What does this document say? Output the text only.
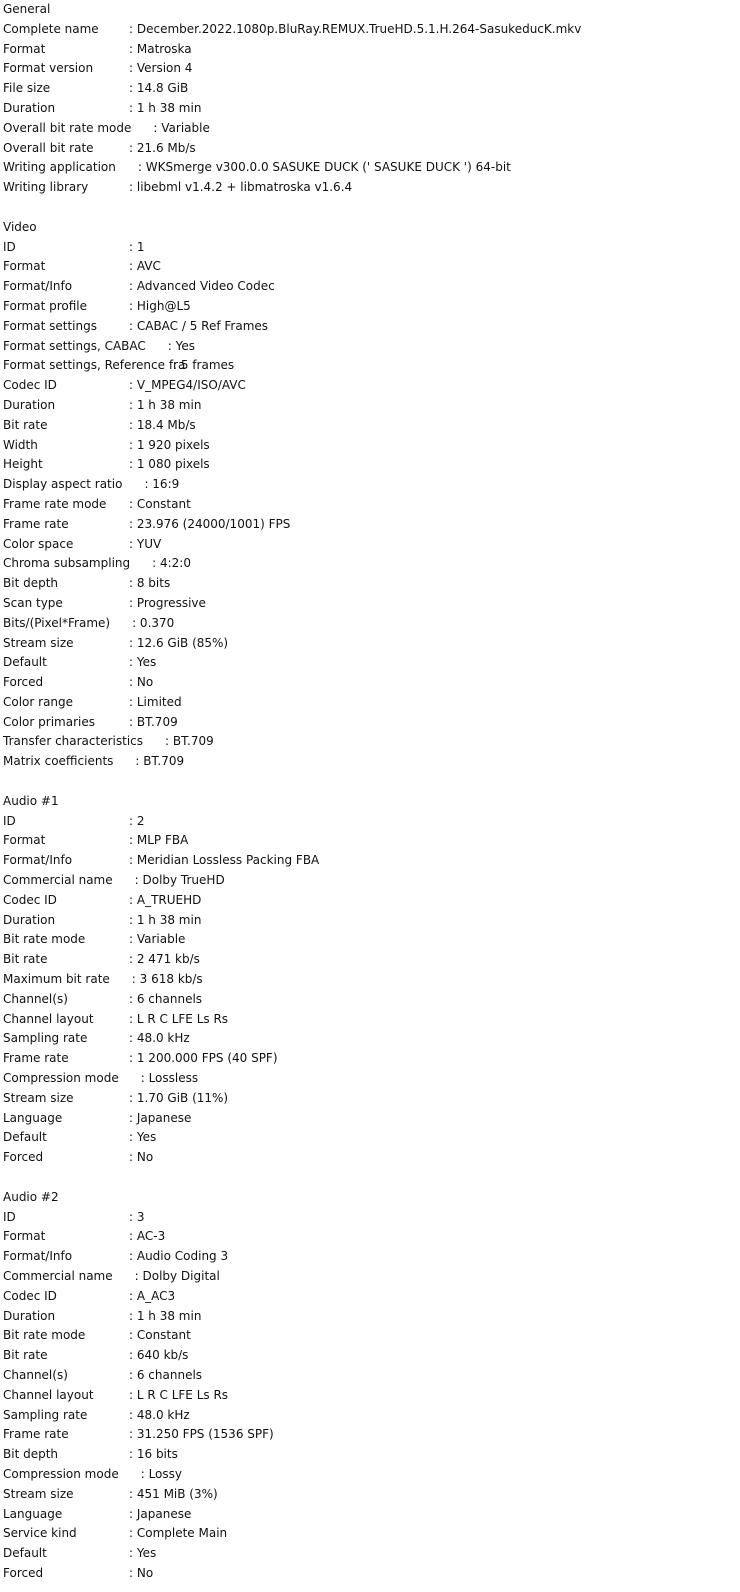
General
Complete name	: December.2022.1080p.BluRay.REMUX.TrueHD.5.1.H.264-SasukeducK.mkv
Format	: Matroska
Format version	: Version 4
File size	: 14.8 GiB
Duration	: 1 h 38 min
Overall bit rate mode : Variable
Overall bit rate	: 21.6 Mb/s
Writing application : WKSmerge v300.0.0 SASUKE DUCK (' SASUKE DUCK ') 64-bit
Writing library	: libebml v1.4.2 + libmatroska v1.6.4
Video
ID	: 1
Format	: AVC
Format/Info	: Advanced Video Codec
Format profile	: High@L5
Format settings	: CABAC / 5 Ref Frames
Format settings, CABAC : Yes
Format settings, Reference fra
: 5 frames
Codec ID	: V_MPEG4/ISO/AVC
Duration	: 1 h 38 min
Bit rate	: 18.4 Mb/s
Width	: 1 920 pixels
Height	: 1 080 pixels
Display aspect ratio : 16:9
Frame rate mode : Constant
Frame rate	: 23.976 (24000/1001) FPS
Color space	: YUV
Chroma subsampling : 4:2:0
Bit depth	: 8 bits
Scan type	: Progressive
Bits/(Pixel*Frame) : 0.370
Stream size	: 12.6 GiB (85%)
Default	: Yes
Forced	: No
Color range	: Limited
Color primaries	: BT.709
Transfer characteristics : BT.709
Matrix coefficients : BT.709
Audio #1
ID	: 2
Format	: MLP FBA
Format/Info	: Meridian Lossless Packing FBA
Commercial name : Dolby TrueHD
Codec ID	: A_TRUEHD
Duration	: 1 h 38 min
Bit rate mode	: Variable
Bit rate	: 2 471 kb/s
Maximum bit rate : 3 618 kb/s
Channel(s)	: 6 channels
Channel layout	: L R C LFE Ls Rs
Sampling rate	: 48.0 kHz
Frame rate	: 1 200.000 FPS (40 SPF)
Compression mode : Lossless
Stream size	: 1.70 GiB (11%)
Language	: Japanese
Default	: Yes
Forced	: No
Audio #2
ID	: 3
Format	: AC-3
Format/Info	: Audio Coding 3
Commercial name : Dolby Digital
Codec ID	: A_AC3
Duration	: 1 h 38 min
Bit rate mode	: Constant
Bit rate	: 640 kb/s
Channel(s)	: 6 channels
Channel layout	: L R C LFE Ls Rs
Sampling rate	: 48.0 kHz
Frame rate	: 31.250 FPS (1536 SPF)
Bit depth	: 16 bits
Compression mode : Lossy
Stream size	: 451 MiB (3%)
Language	: Japanese
Service kind	: Complete Main
Default	: Yes
Forced	: No
